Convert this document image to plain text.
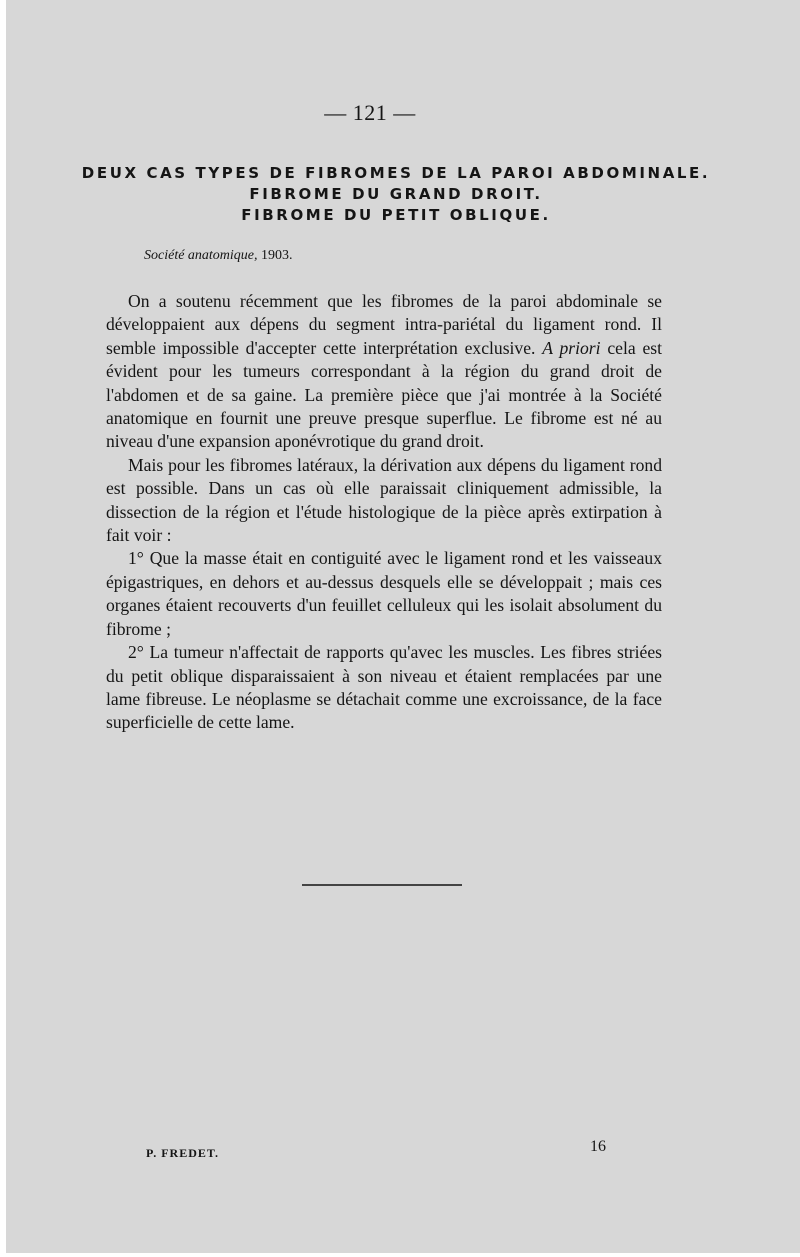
— 121 —
DEUX CAS TYPES DE FIBROMES DE LA PAROI ABDOMINALE.
FIBROME DU GRAND DROIT.
FIBROME DU PETIT OBLIQUE.
Société anatomique, 1903.

On a soutenu récemment que les fibromes de la paroi abdominale se développaient aux dépens du segment intra-pariétal du ligament rond. Il semble impossible d'accepter cette interprétation exclusive. A priori cela est évident pour les tumeurs correspondant à la région du grand droit de l'abdomen et de sa gaine. La première pièce que j'ai montrée à la Société anatomique en fournit une preuve presque superflue. Le fibrome est né au niveau d'une expansion aponévrotique du grand droit.

Mais pour les fibromes latéraux, la dérivation aux dépens du ligament rond est possible. Dans un cas où elle paraissait cliniquement admissible, la dissection de la région et l'étude histologique de la pièce après extirpation à fait voir :

1° Que la masse était en contiguité avec le ligament rond et les vaisseaux épigastriques, en dehors et au-dessus desquels elle se développait ; mais ces organes étaient recouverts d'un feuillet celluleux qui les isolait absolument du fibrome ;

2° La tumeur n'affectait de rapports qu'avec les muscles. Les fibres striées du petit oblique disparaissaient à son niveau et étaient remplacées par une lame fibreuse. Le néoplasme se détachait comme une excroissance, de la face superficielle de cette lame.

P. FREDET.	16
